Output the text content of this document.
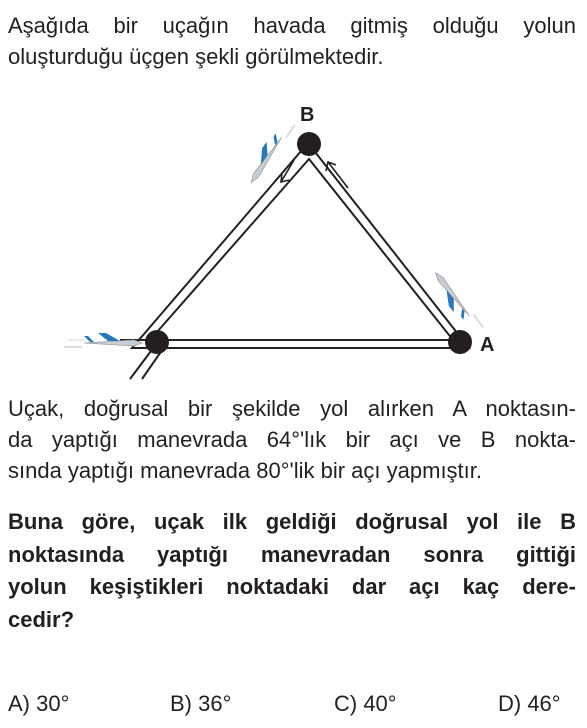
Aşağıda bir uçağın havada gitmiş olduğu yolun
oluşturduğu üçgen şekli görülmektedir.
B
A
Uçak, doğrusal bir şekilde yol alırken A noktasın-
da yaptığı manevrada 64°'lık bir açı ve B nokta-
sında yaptığı manevrada 80°'lik bir açı yapmıştır.
Buna göre, uçak ilk geldiği doğrusal yol ile B
noktasında yaptığı manevradan sonra gittiği
yolun keşiştikleri noktadaki dar açı kaç dere-
cedir?
A) 30°	B) 36°	C) 40°	D) 46°
